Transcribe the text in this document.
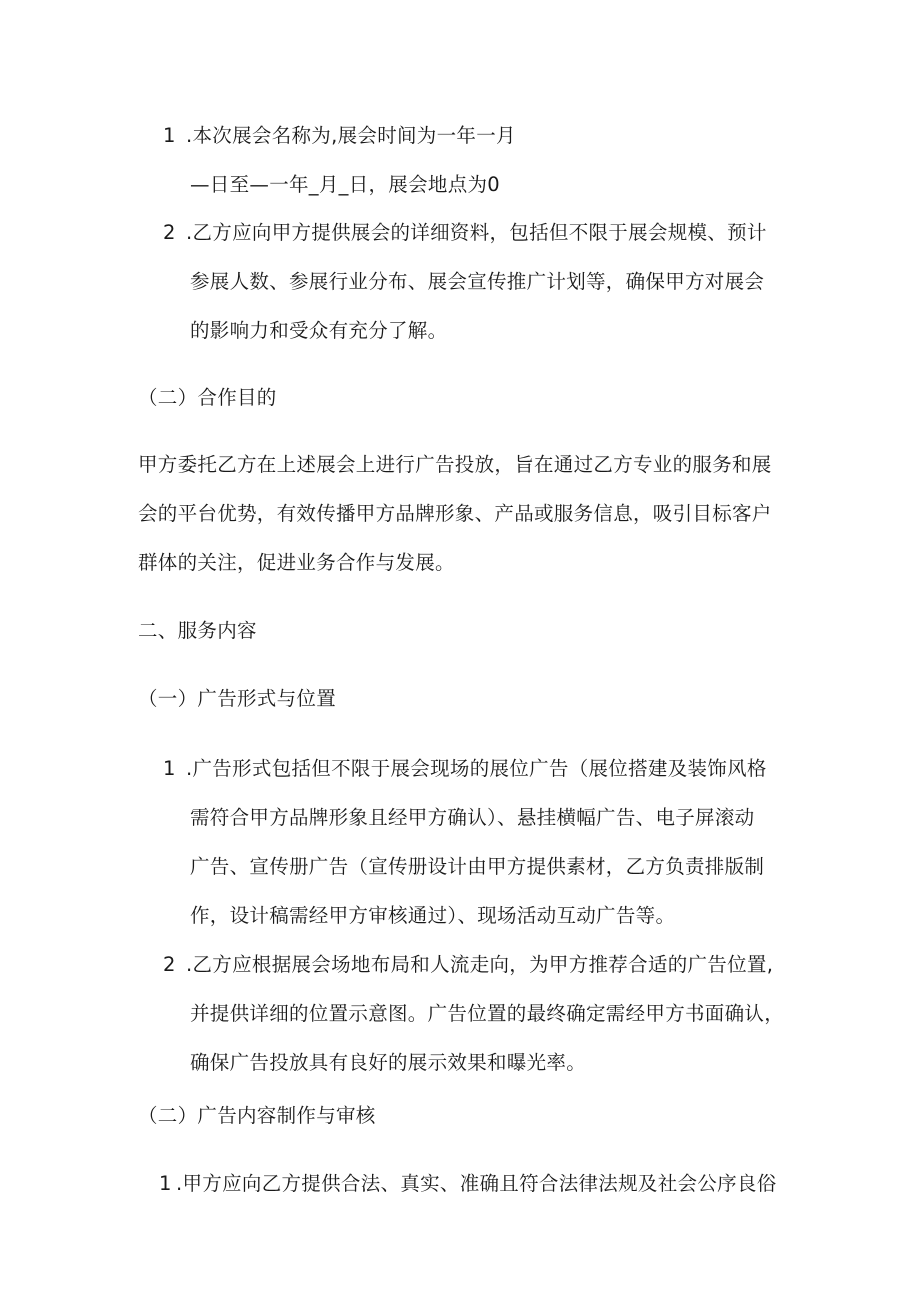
1 .本次展会名称为,展会时间为一年一月
—日至—一年_月_日，展会地点为0
2 .乙方应向甲方提供展会的详细资料，包括但不限于展会规模、预计
参展人数、参展行业分布、展会宣传推广计划等，确保甲方对展会
的影响力和受众有充分了解。
（二）合作目的
甲方委托乙方在上述展会上进行广告投放，旨在通过乙方专业的服务和展
会的平台优势，有效传播甲方品牌形象、产品或服务信息，吸引目标客户
群体的关注，促进业务合作与发展。
二、服务内容
（一）广告形式与位置
1 .广告形式包括但不限于展会现场的展位广告（展位搭建及装饰风格
需符合甲方品牌形象且经甲方确认）、悬挂横幅广告、电子屏滚动
广告、宣传册广告（宣传册设计由甲方提供素材，乙方负责排版制
作，设计稿需经甲方审核通过）、现场活动互动广告等。
2 .乙方应根据展会场地布局和人流走向，为甲方推荐合适的广告位置,
并提供详细的位置示意图。广告位置的最终确定需经甲方书面确认，
确保广告投放具有良好的展示效果和曝光率。
（二）广告内容制作与审核
1 .甲方应向乙方提供合法、真实、准确且符合法律法规及社会公序良俗
